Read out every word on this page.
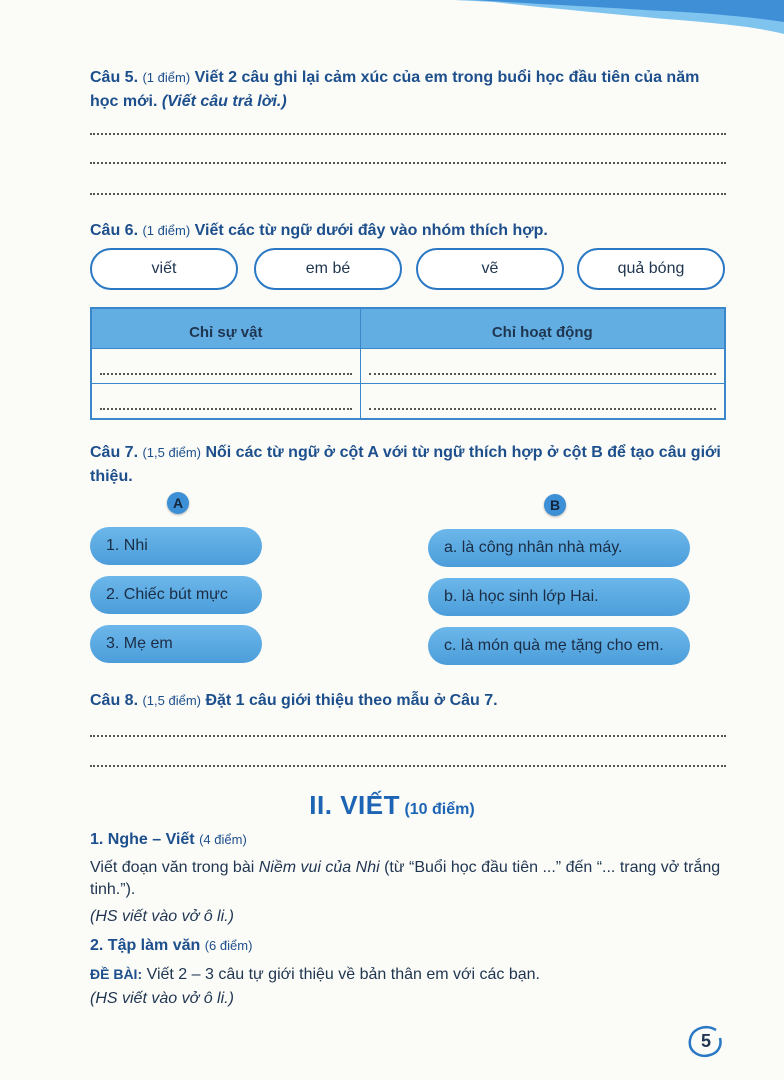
Câu 5. (1 điểm) Viết 2 câu ghi lại cảm xúc của em trong buổi học đầu tiên của năm học mới. (Viết câu trả lời.)
Câu 6. (1 điểm) Viết các từ ngữ dưới đây vào nhóm thích hợp.
viết	em bé	vẽ	quả bóng
Chỉ sự vật	Chỉ hoạt động

Câu 7. (1,5 điểm) Nối các từ ngữ ở cột A với từ ngữ thích hợp ở cột B để tạo câu giới thiệu.
A	B
1. Nhi
2. Chiếc bút mực
3. Mẹ em
a. là công nhân nhà máy.
b. là học sinh lớp Hai.
c. là món quà mẹ tặng cho em.
Câu 8. (1,5 điểm) Đặt 1 câu giới thiệu theo mẫu ở Câu 7.
II. VIẾT (10 điểm)
1. Nghe – Viết (4 điểm)
Viết đoạn văn trong bài Niềm vui của Nhi (từ “Buổi học đầu tiên ...” đến “... trang vở trắng tinh.”).
(HS viết vào vở ô li.)
2. Tập làm văn (6 điểm)
ĐỀ BÀI: Viết 2 – 3 câu tự giới thiệu về bản thân em với các bạn.
(HS viết vào vở ô li.)
5
